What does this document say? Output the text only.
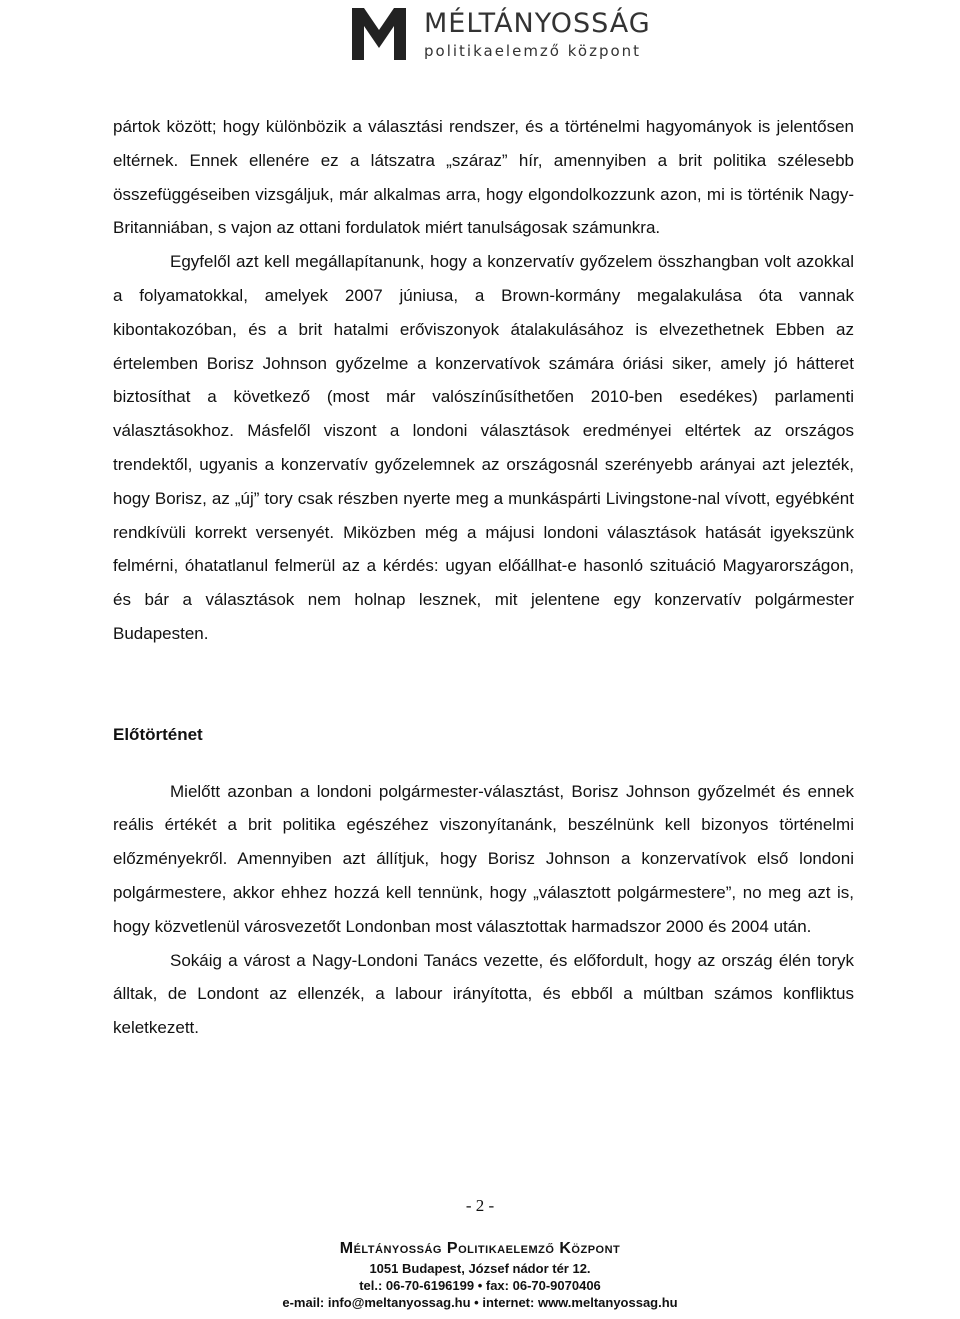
MÉLTÁNYOSSÁG
politikaelemző központ

pártok között; hogy különbözik a választási rendszer, és a történelmi hagyományok is jelentősen eltérnek. Ennek ellenére ez a látszatra „száraz” hír, amennyiben a brit politika szélesebb összefüggéseiben vizsgáljuk, már alkalmas arra, hogy elgondolkozzunk azon, mi is történik Nagy-Britanniában, s vajon az ottani fordulatok miért tanulságosak számunkra.

Egyfelől azt kell megállapítanunk, hogy a konzervatív győzelem összhangban volt azokkal a folyamatokkal, amelyek 2007 júniusa, a Brown-kormány megalakulása óta vannak kibontakozóban, és a brit hatalmi erőviszonyok átalakulásához is elvezethetnek Ebben az értelemben Borisz Johnson győzelme a konzervatívok számára óriási siker, amely jó hátteret biztosíthat a következő (most már valószínűsíthetően 2010-ben esedékes) parlamenti választásokhoz. Másfelől viszont a londoni választások eredményei eltértek az országos trendektől, ugyanis a konzervatív győzelemnek az országosnál szerényebb arányai azt jelezték, hogy Borisz, az „új” tory csak részben nyerte meg a munkáspárti Livingstone-nal vívott, egyébként rendkívüli korrekt versenyét. Miközben még a májusi londoni választások hatását igyekszünk felmérni, óhatatlanul felmerül az a kérdés: ugyan előállhat-e hasonló szituáció Magyarországon, és bár a választások nem holnap lesznek, mit jelentene egy konzervatív polgármester Budapesten.

Előtörténet

Mielőtt azonban a londoni polgármester-választást, Borisz Johnson győzelmét és ennek reális értékét a brit politika egészéhez viszonyítanánk, beszélnünk kell bizonyos történelmi előzményekről. Amennyiben azt állítjuk, hogy Borisz Johnson a konzervatívok első londoni polgármestere, akkor ehhez hozzá kell tennünk, hogy „választott polgármestere”, no meg azt is, hogy közvetlenül városvezetőt Londonban most választottak harmadszor 2000 és 2004 után.

Sokáig a várost a Nagy-Londoni Tanács vezette, és előfordult, hogy az ország élén toryk álltak, de Londont az ellenzék, a labour irányította, és ebből a múltban számos konfliktus keletkezett.

- 2 -
Méltányosság Politikaelemző Központ
1051 Budapest, József nádor tér 12.
tel.: 06-70-6196199 • fax: 06-70-9070406
e-mail: info@meltanyossag.hu • internet: www.meltanyossag.hu
